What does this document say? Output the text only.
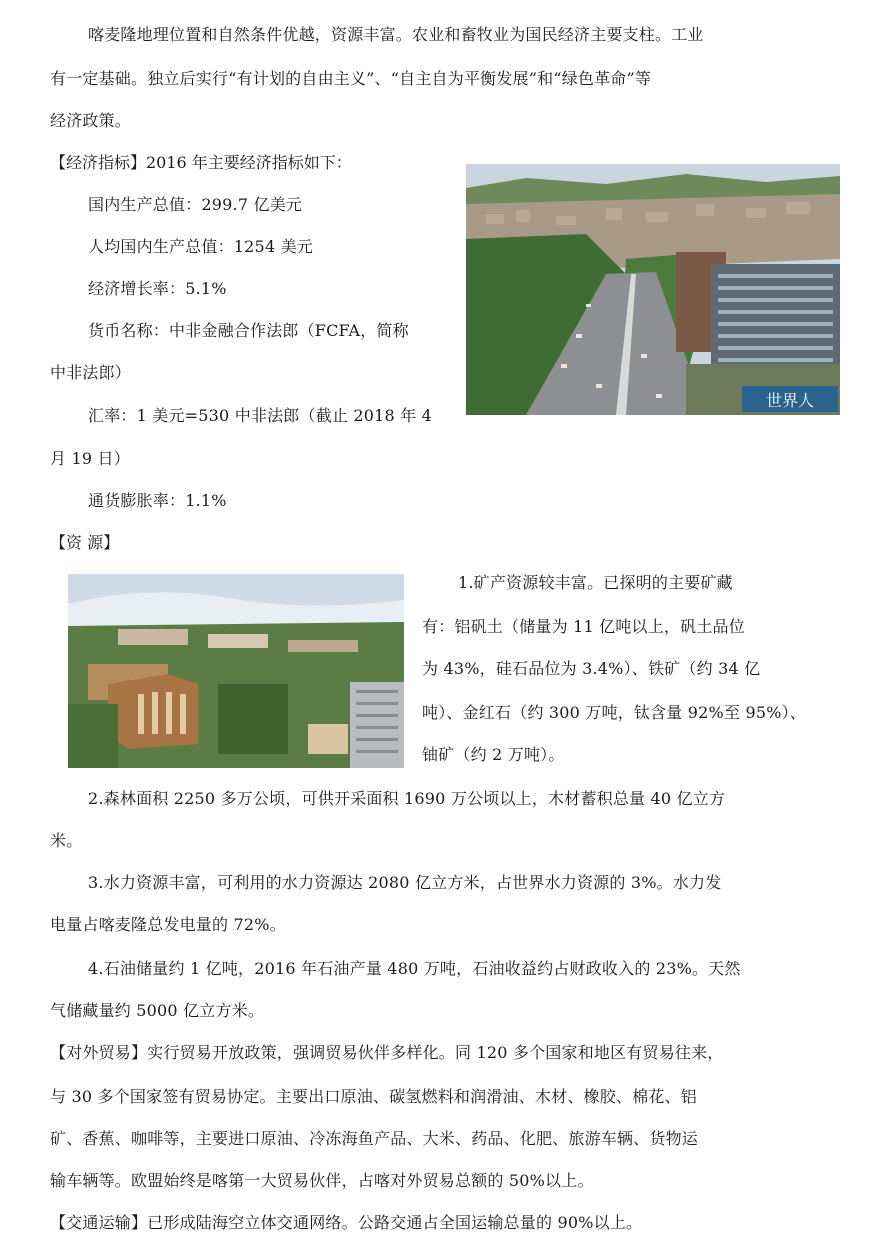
喀麦隆地理位置和自然条件优越，资源丰富。农业和畜牧业为国民经济主要支柱。工业
有一定基础。独立后实行“有计划的自由主义”、“自主自为平衡发展”和“绿色革命”等
经济政策。
【经济指标】2016 年主要经济指标如下：
国内生产总值：299.7 亿美元
人均国内生产总值：1254 美元
经济增长率：5.1%
货币名称：中非金融合作法郎（FCFA，简称
中非法郎）
汇率：1 美元=530 中非法郎（截止 2018 年 4
月 19 日）
通货膨胀率：1.1%
世界人
【资 源】
1.矿产资源较丰富。已探明的主要矿藏
有：铝矾土（储量为 11 亿吨以上，矾土品位
为 43%，硅石品位为 3.4%）、铁矿（约 34 亿
吨）、金红石（约 300 万吨，钛含量 92%至 95%）、
铀矿（约 2 万吨）。
2.森林面积 2250 多万公顷，可供开采面积 1690 万公顷以上，木材蓄积总量 40 亿立方
米。
3.水力资源丰富，可利用的水力资源达 2080 亿立方米，占世界水力资源的 3%。水力发
电量占喀麦隆总发电量的 72%。
4.石油储量约 1 亿吨，2016 年石油产量 480 万吨，石油收益约占财政收入的 23%。天然
气储藏量约 5000 亿立方米。
【对外贸易】实行贸易开放政策，强调贸易伙伴多样化。同 120 多个国家和地区有贸易往来，
与 30 多个国家签有贸易协定。主要出口原油、碳氢燃料和润滑油、木材、橡胶、棉花、铝
矿、香蕉、咖啡等，主要进口原油、冷冻海鱼产品、大米、药品、化肥、旅游车辆、货物运
输车辆等。欧盟始终是喀第一大贸易伙伴，占喀对外贸易总额的 50%以上。
【交通运输】已形成陆海空立体交通网络。公路交通占全国运输总量的 90%以上。
